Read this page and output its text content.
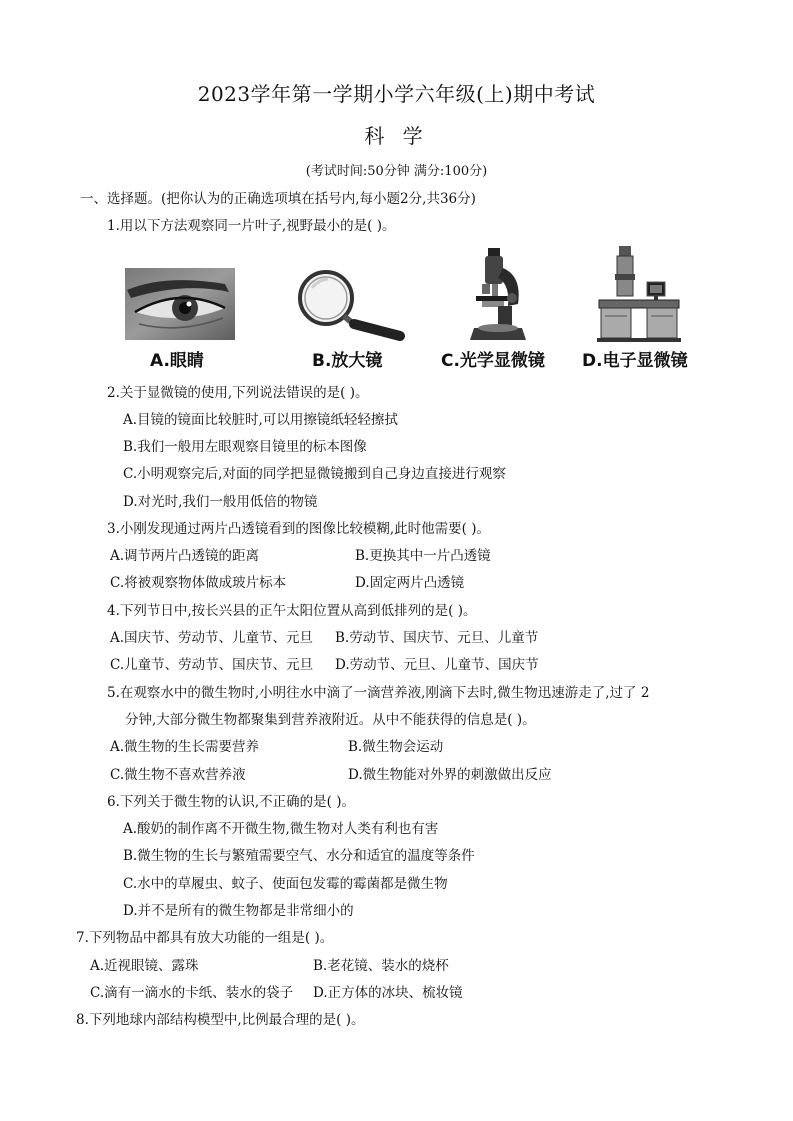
2023学年第一学期小学六年级(上)期中考试
科 学
(考试时间:50分钟 满分:100分)
一、选择题。(把你认为的正确选项填在括号内,每小题2分,共36分)
1.用以下方法观察同一片叶子,视野最小的是( )。
A.眼睛	B.放大镜	C.光学显微镜 D.电子显微镜
2.关于显微镜的使用,下列说法错误的是( )。
A.目镜的镜面比较脏时,可以用擦镜纸轻轻擦拭
B.我们一般用左眼观察目镜里的标本图像
C.小明观察完后,对面的同学把显微镜搬到自己身边直接进行观察
D.对光时,我们一般用低倍的物镜
3.小刚发现通过两片凸透镜看到的图像比较模糊,此时他需要( )。
A.调节两片凸透镜的距离	B.更换其中一片凸透镜
C.将被观察物体做成玻片标本	D.固定两片凸透镜
4.下列节日中,按长兴县的正午太阳位置从高到低排列的是( )。
A.国庆节、劳动节、儿童节、元旦 B.劳动节、国庆节、元旦、儿童节
C.儿童节、劳动节、国庆节、元旦 D.劳动节、元旦、儿童节、国庆节
5.在观察水中的微生物时,小明往水中滴了一滴营养液,刚滴下去时,微生物迅速游走了,过了 2
分钟,大部分微生物都聚集到营养液附近。从中不能获得的信息是( )。
A.微生物的生长需要营养	B.微生物会运动
C.微生物不喜欢营养液	D.微生物能对外界的刺激做出反应
6.下列关于微生物的认识,不正确的是( )。
A.酸奶的制作离不开微生物,微生物对人类有利也有害
B.微生物的生长与繁殖需要空气、水分和适宜的温度等条件
C.水中的草履虫、蚊子、使面包发霉的霉菌都是微生物
D.并不是所有的微生物都是非常细小的
7.下列物品中都具有放大功能的一组是( )。
A.近视眼镜、露珠	B.老花镜、装水的烧杯
C.滴有一滴水的卡纸、装水的袋子 D.正方体的冰块、梳妆镜
8.下列地球内部结构模型中,比例最合理的是( )。
